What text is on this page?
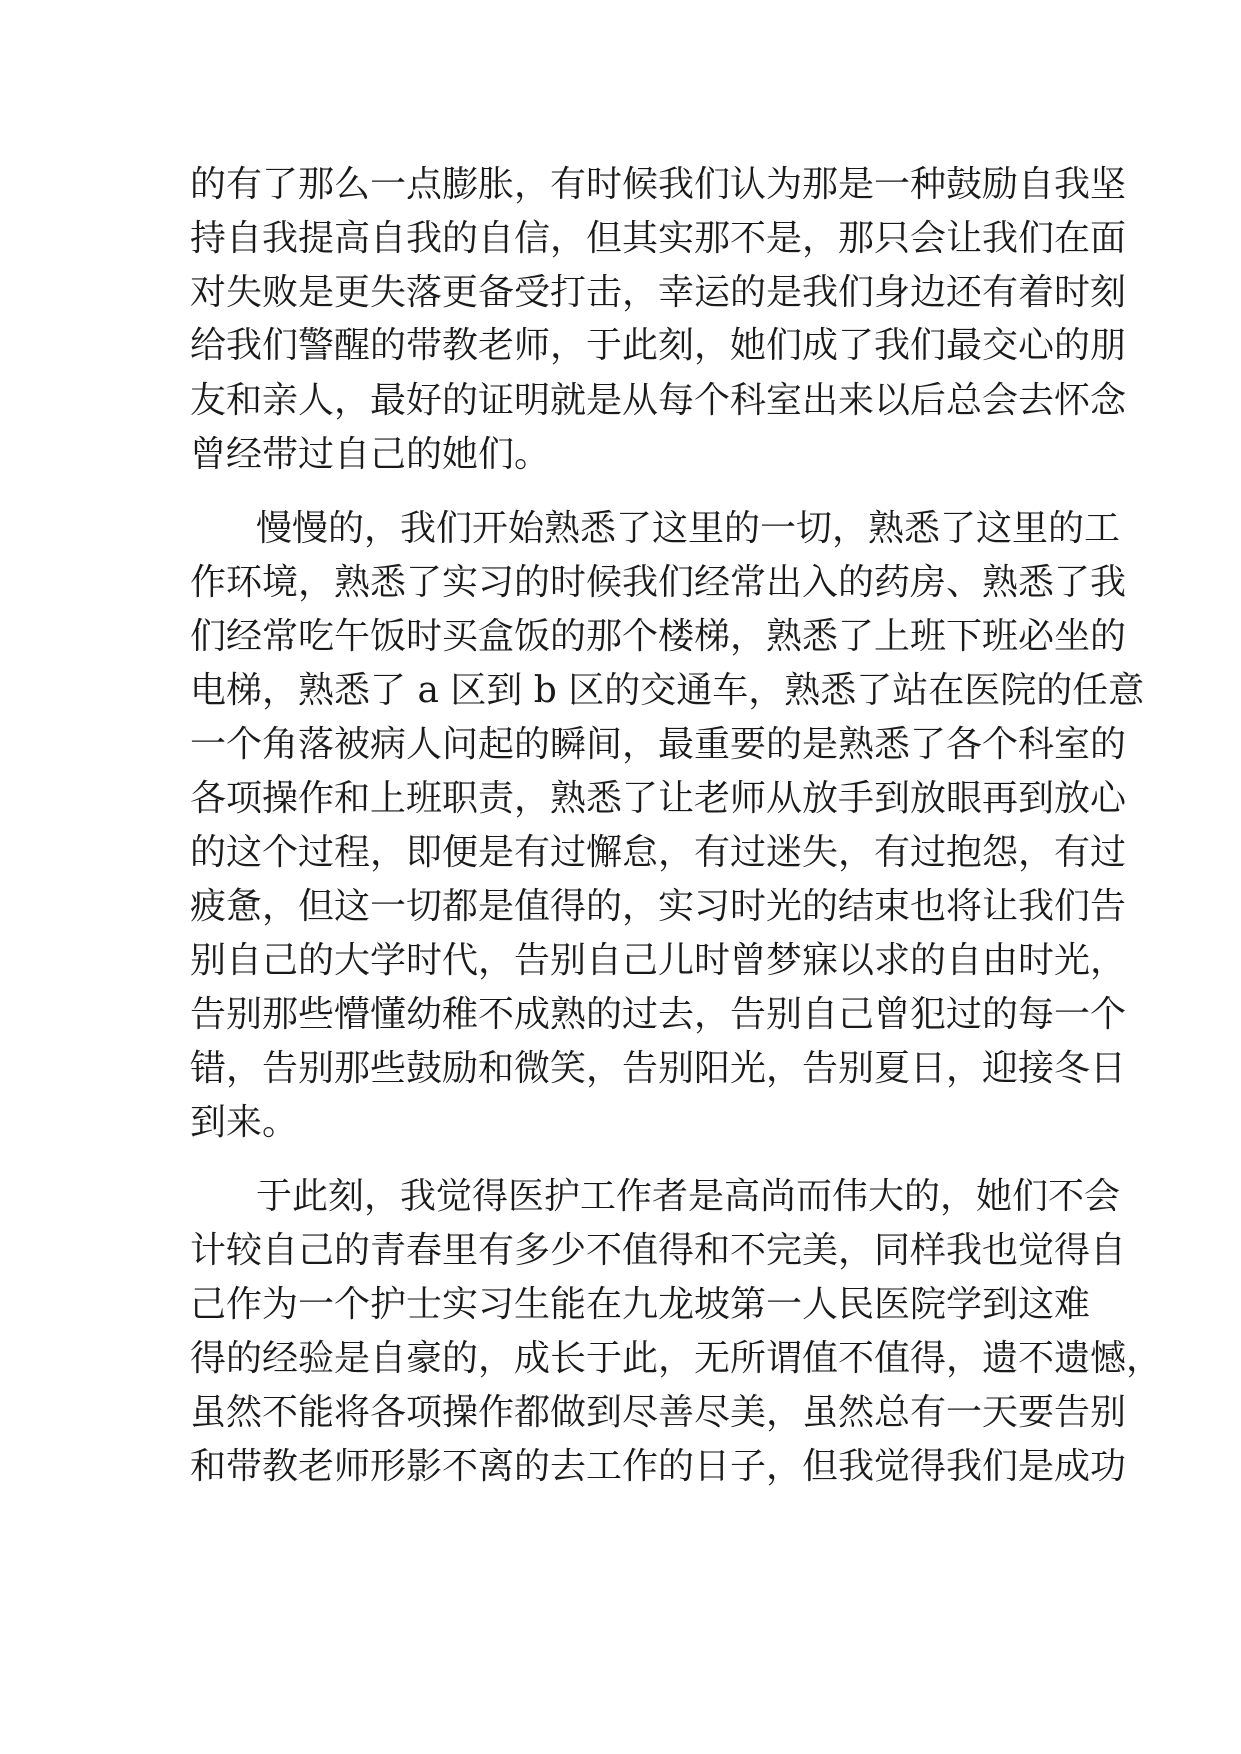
的有了那么一点膨胀，有时候我们认为那是一种鼓励自我坚
持自我提高自我的自信，但其实那不是，那只会让我们在面
对失败是更失落更备受打击，幸运的是我们身边还有着时刻
给我们警醒的带教老师，于此刻，她们成了我们最交心的朋
友和亲人，最好的证明就是从每个科室出来以后总会去怀念
曾经带过自己的她们。
慢慢的，我们开始熟悉了这里的一切，熟悉了这里的工
作环境，熟悉了实习的时候我们经常出入的药房、熟悉了我
们经常吃午饭时买盒饭的那个楼梯，熟悉了上班下班必坐的
电梯，熟悉了 a 区到 b 区的交通车，熟悉了站在医院的任意
一个角落被病人问起的瞬间，最重要的是熟悉了各个科室的
各项操作和上班职责，熟悉了让老师从放手到放眼再到放心
的这个过程，即便是有过懈怠，有过迷失，有过抱怨，有过
疲惫，但这一切都是值得的，实习时光的结束也将让我们告
别自己的大学时代，告别自己儿时曾梦寐以求的自由时光，
告别那些懵懂幼稚不成熟的过去，告别自己曾犯过的每一个
错，告别那些鼓励和微笑，告别阳光，告别夏日，迎接冬日
到来。
于此刻，我觉得医护工作者是高尚而伟大的，她们不会
计较自己的青春里有多少不值得和不完美，同样我也觉得自
己作为一个护士实习生能在九龙坡第一人民医院学到这难
得的经验是自豪的，成长于此，无所谓值不值得，遗不遗憾，
虽然不能将各项操作都做到尽善尽美，虽然总有一天要告别
和带教老师形影不离的去工作的日子，但我觉得我们是成功
